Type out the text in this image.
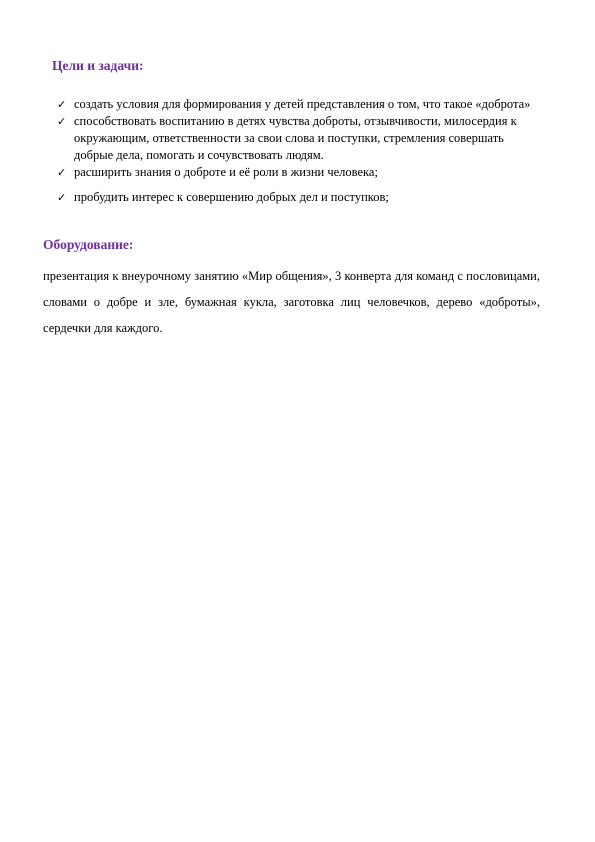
Цели и задачи:
✓ создать условия для формирования у детей представления о том, что такое «доброта»
✓ способствовать воспитанию в детях чувства доброты, отзывчивости, милосердия к окружающим, ответственности за свои слова и поступки, стремления совершать добрые дела, помогать и сочувствовать людям.
✓ расширить знания о доброте и её роли в жизни человека;
✓ пробудить интерес к совершению добрых дел и поступков;
Оборудование:

презентация к внеурочному занятию «Мир общения», 3 конверта для команд с пословицами, словами о добре и зле, бумажная кукла, заготовка лиц человечков, дерево «доброты», сердечки для каждого.
